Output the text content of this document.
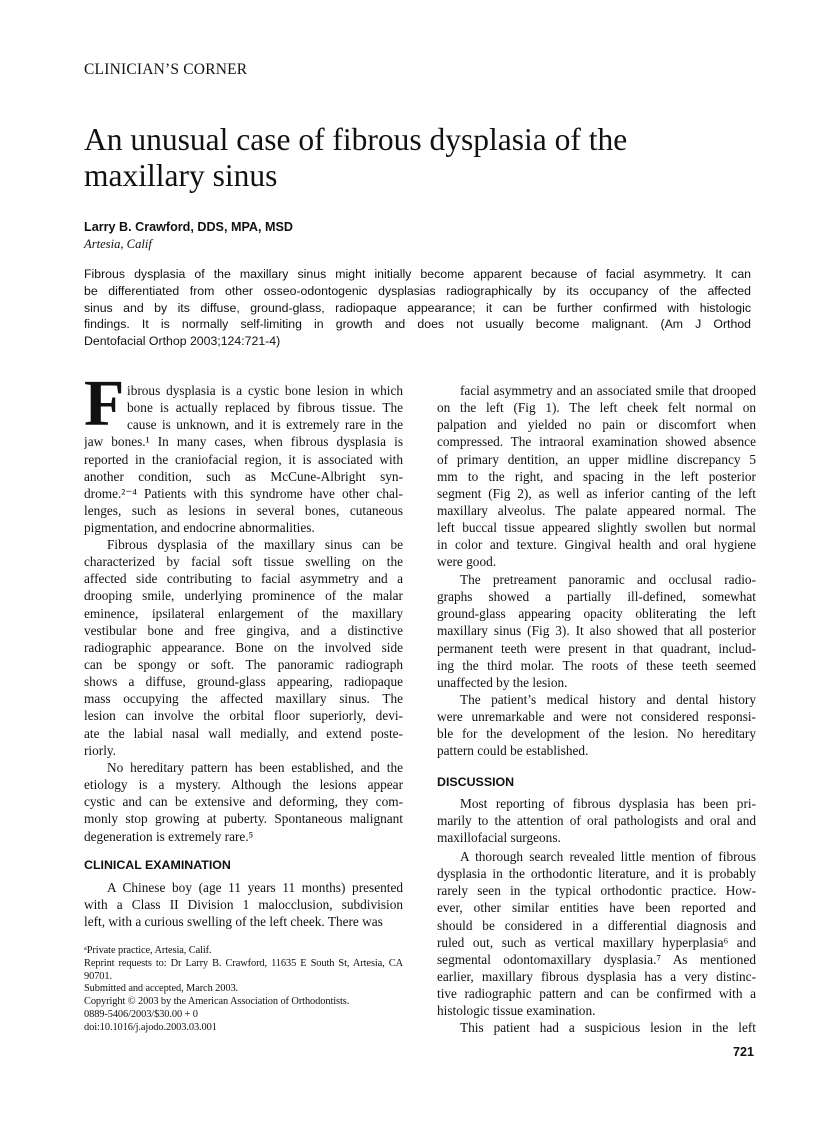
CLINICIAN’S CORNER
An unusual case of fibrous dysplasia of the
maxillary sinus
Larry B. Crawford, DDS, MPA, MSD
Artesia, Calif
Fibrous dysplasia of the maxillary sinus might initially become apparent because of facial asymmetry. It can
be differentiated from other osseo-odontogenic dysplasias radiographically by its occupancy of the affected
sinus and by its diffuse, ground-glass, radiopaque appearance; it can be further confirmed with histologic
findings. It is normally self-limiting in growth and does not usually become malignant. (Am J Orthod
Dentofacial Orthop 2003;124:721-4)
F ibrous dysplasia is a cystic bone lesion in which
bone is actually replaced by fibrous tissue. The
cause is unknown, and it is extremely rare in the
jaw bones.¹ In many cases, when fibrous dysplasia is
reported in the craniofacial region, it is associated with
another condition, such as McCune-Albright syn-
drome.²⁻⁴ Patients with this syndrome have other chal-
lenges, such as lesions in several bones, cutaneous
pigmentation, and endocrine abnormalities.
Fibrous dysplasia of the maxillary sinus can be
characterized by facial soft tissue swelling on the
affected side contributing to facial asymmetry and a
drooping smile, underlying prominence of the malar
eminence, ipsilateral enlargement of the maxillary
vestibular bone and free gingiva, and a distinctive
radiographic appearance. Bone on the involved side
can be spongy or soft. The panoramic radiograph
shows a diffuse, ground-glass appearing, radiopaque
mass occupying the affected maxillary sinus. The
lesion can involve the orbital floor superiorly, devi-
ate the labial nasal wall medially, and extend poste-
riorly.
No hereditary pattern has been established, and the
etiology is a mystery. Although the lesions appear
cystic and can be extensive and deforming, they com-
monly stop growing at puberty. Spontaneous malignant
degeneration is extremely rare.⁵
CLINICAL EXAMINATION
A Chinese boy (age 11 years 11 months) presented
with a Class II Division 1 malocclusion, subdivision
left, with a curious swelling of the left cheek. There was
facial asymmetry and an associated smile that drooped
on the left (Fig 1). The left cheek felt normal on
palpation and yielded no pain or discomfort when
compressed. The intraoral examination showed absence
of primary dentition, an upper midline discrepancy 5
mm to the right, and spacing in the left posterior
segment (Fig 2), as well as inferior canting of the left
maxillary alveolus. The palate appeared normal. The
left buccal tissue appeared slightly swollen but normal
in color and texture. Gingival health and oral hygiene
were good.
The pretreament panoramic and occlusal radio-
graphs showed a partially ill-defined, somewhat
ground-glass appearing opacity obliterating the left
maxillary sinus (Fig 3). It also showed that all posterior
permanent teeth were present in that quadrant, includ-
ing the third molar. The roots of these teeth seemed
unaffected by the lesion.
The patient’s medical history and dental history
were unremarkable and were not considered responsi-
ble for the development of the lesion. No hereditary
pattern could be established.
DISCUSSION
Most reporting of fibrous dysplasia has been pri-
marily to the attention of oral pathologists and oral and
maxillofacial surgeons.
A thorough search revealed little mention of fibrous
dysplasia in the orthodontic literature, and it is probably
rarely seen in the typical orthodontic practice. How-
ever, other similar entities have been reported and
should be considered in a differential diagnosis and
ruled out, such as vertical maxillary hyperplasia⁶ and
segmental odontomaxillary dysplasia.⁷ As mentioned
earlier, maxillary fibrous dysplasia has a very distinc-
tive radiographic pattern and can be confirmed with a
histologic tissue examination.
This patient had a suspicious lesion in the left
ᵃPrivate practice, Artesia, Calif.
Reprint requests to: Dr Larry B. Crawford, 11635 E South St, Artesia, CA
90701.
Submitted and accepted, March 2003.
Copyright © 2003 by the American Association of Orthodontists.
0889-5406/2003/$30.00 + 0
doi:10.1016/j.ajodo.2003.03.001
721
